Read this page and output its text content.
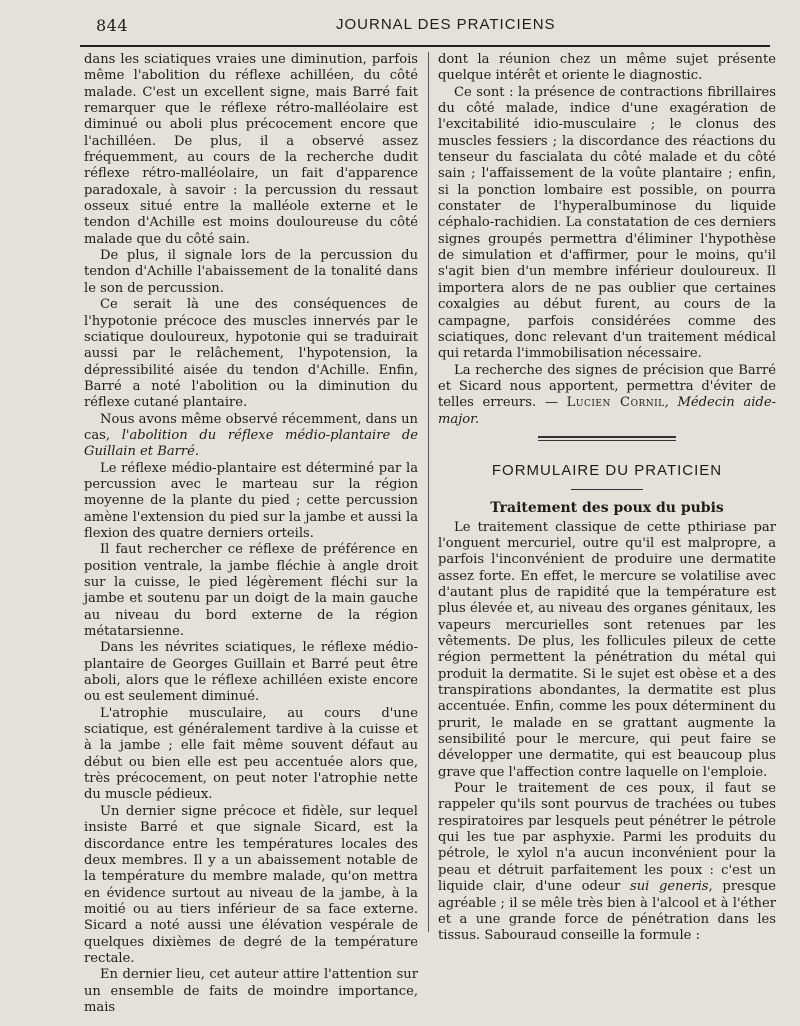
844	JOURNAL DES PRATICIENS

dans les sciatiques vraies une diminution, parfois même l'abolition du réflexe achilléen, du côté malade. C'est un excellent signe, mais Barré fait remarquer que le réflexe rétro-malléolaire est diminué ou aboli plus précocement encore que l'achilléen. De plus, il a observé assez fréquemment, au cours de la recherche dudit réflexe rétro-malléolaire, un fait d'apparence paradoxale, à savoir : la percussion du ressaut osseux situé entre la malléole externe et le tendon d'Achille est moins douloureuse du côté malade que du côté sain.

De plus, il signale lors de la percussion du tendon d'Achille l'abaissement de la tonalité dans le son de percussion.

Ce serait là une des conséquences de l'hypotonie précoce des muscles innervés par le sciatique douloureux, hypotonie qui se traduirait aussi par le relâchement, l'hypotension, la dépressibilité aisée du tendon d'Achille. Enfin, Barré a noté l'abolition ou la diminution du réflexe cutané plantaire.

Nous avons même observé récemment, dans un cas, l'abolition du réflexe médio-plantaire de Guillain et Barré.

Le réflexe médio-plantaire est déterminé par la percussion avec le marteau sur la région moyenne de la plante du pied ; cette percussion amène l'extension du pied sur la jambe et aussi la flexion des quatre derniers orteils.

Il faut rechercher ce réflexe de préférence en position ventrale, la jambe fléchie à angle droit sur la cuisse, le pied légèrement fléchi sur la jambe et soutenu par un doigt de la main gauche au niveau du bord externe de la région métatarsienne.

Dans les névrites sciatiques, le réflexe médio-plantaire de Georges Guillain et Barré peut être aboli, alors que le réflexe achilléen existe encore ou est seulement diminué.

L'atrophie musculaire, au cours d'une sciatique, est généralement tardive à la cuisse et à la jambe ; elle fait même souvent défaut au début ou bien elle est peu accentuée alors que, très précocement, on peut noter l'atrophie nette du muscle pédieux.

Un dernier signe précoce et fidèle, sur lequel insiste Barré et que signale Sicard, est la discordance entre les températures locales des deux membres. Il y a un abaissement notable de la température du membre malade, qu'on mettra en évidence surtout au niveau de la jambe, à la moitié ou au tiers inférieur de sa face externe. Sicard a noté aussi une élévation vespérale de quelques dixièmes de degré de la température rectale.

En dernier lieu, cet auteur attire l'attention sur un ensemble de faits de moindre importance, mais

dont la réunion chez un même sujet présente quelque intérêt et oriente le diagnostic.

Ce sont : la présence de contractions fibrillaires du côté malade, indice d'une exagération de l'excitabilité idio-musculaire ; le clonus des muscles fessiers ; la discordance des réactions du tenseur du fascialata du côté malade et du côté sain ; l'affaissement de la voûte plantaire ; enfin, si la ponction lombaire est possible, on pourra constater de l'hyperalbuminose du liquide céphalo-rachidien. La constatation de ces derniers signes groupés permettra d'éliminer l'hypothèse de simulation et d'affirmer, pour le moins, qu'il s'agit bien d'un membre inférieur douloureux. Il importera alors de ne pas oublier que certaines coxalgies au début furent, au cours de la campagne, parfois considérées comme des sciatiques, donc relevant d'un traitement médical qui retarda l'immobilisation nécessaire.

La recherche des signes de précision que Barré et Sicard nous apportent, permettra d'éviter de telles erreurs. — Lucien Cornil, Médecin aide-major.

FORMULAIRE DU PRATICIEN
Traitement des poux du pubis

Le traitement classique de cette pthiriase par l'onguent mercuriel, outre qu'il est malpropre, a parfois l'inconvénient de produire une dermatite assez forte. En effet, le mercure se volatilise avec d'autant plus de rapidité que la température est plus élevée et, au niveau des organes génitaux, les vapeurs mercurielles sont retenues par les vêtements. De plus, les follicules pileux de cette région permettent la pénétration du métal qui produit la dermatite. Si le sujet est obèse et a des transpirations abondantes, la dermatite est plus accentuée. Enfin, comme les poux déterminent du prurit, le malade en se grattant augmente la sensibilité pour le mercure, qui peut faire se développer une dermatite, qui est beaucoup plus grave que l'affection contre laquelle on l'emploie.

Pour le traitement de ces poux, il faut se rappeler qu'ils sont pourvus de trachées ou tubes respiratoires par lesquels peut pénétrer le pétrole qui les tue par asphyxie. Parmi les produits du pétrole, le xylol n'a aucun inconvénient pour la peau et détruit parfaitement les poux : c'est un liquide clair, d'une odeur sui generis, presque agréable ; il se mêle très bien à l'alcool et à l'éther et a une grande force de pénétration dans les tissus. Sabouraud conseille la formule :
